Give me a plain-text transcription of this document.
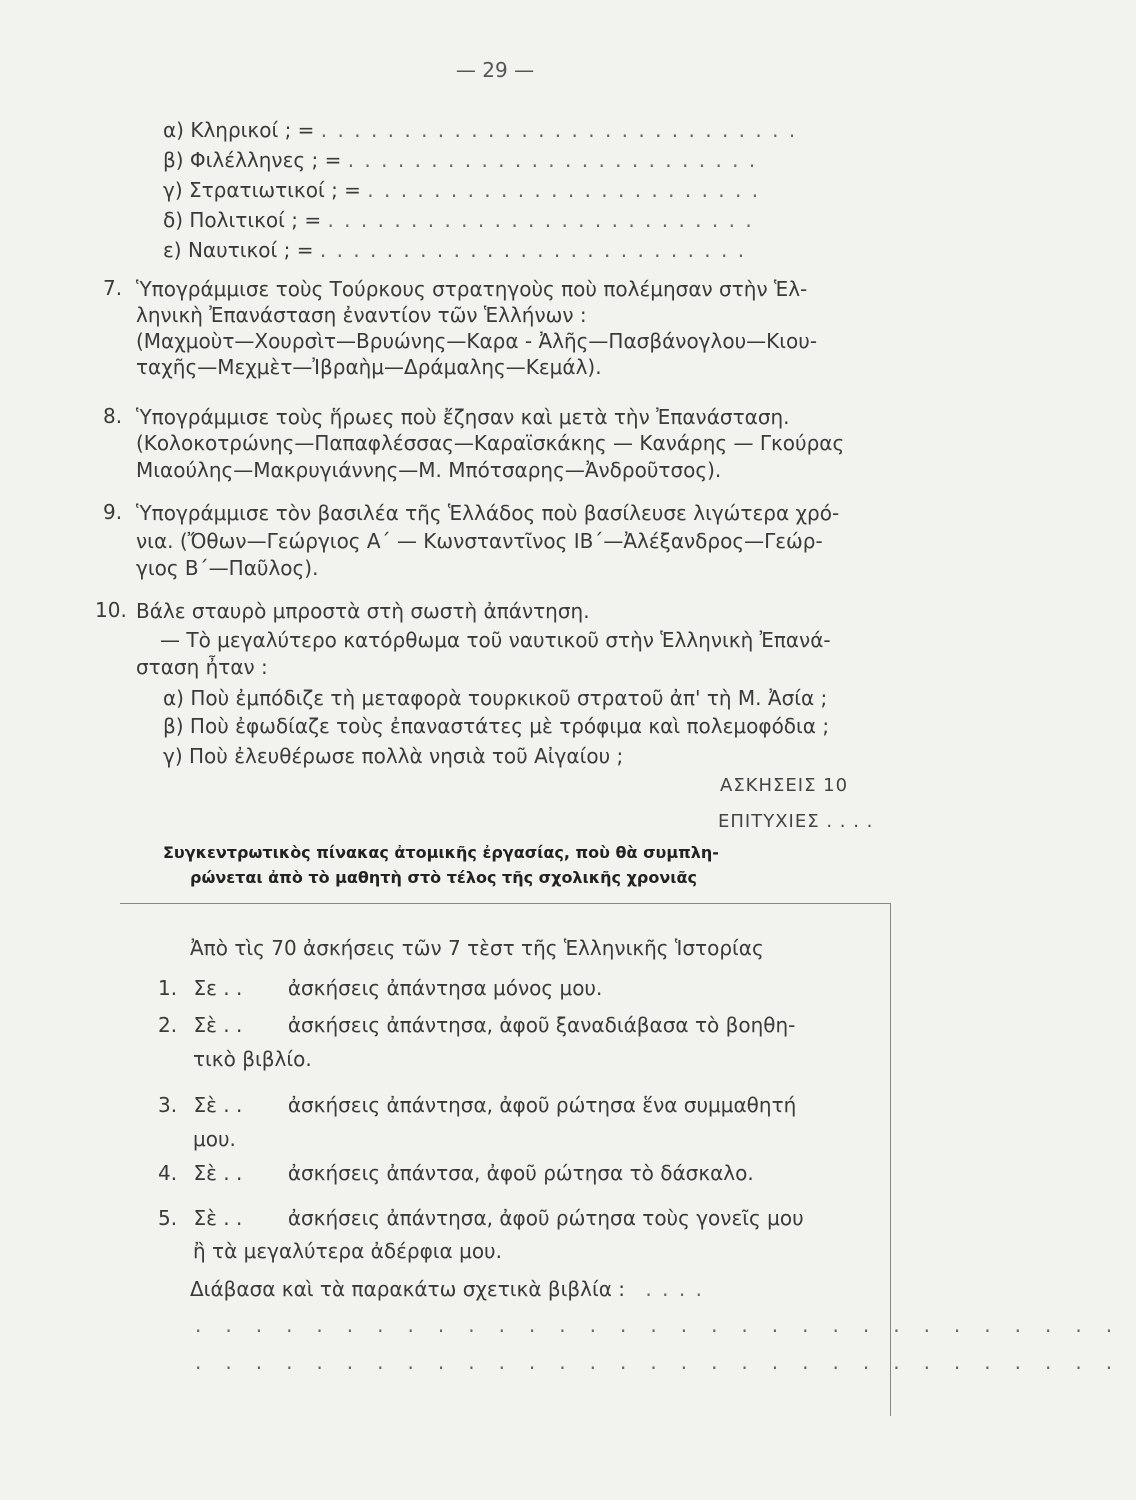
— 29 —
α) Κληρικοί ; = . . . . . . . . . . . . . . . . . . . . . . . . . . . . .
β) Φιλέλληνες ; = . . . . . . . . . . . . . . . . . . . . . . . . .
γ) Στρατιωτικοί ; = . . . . . . . . . . . . . . . . . . . . . . . .
δ) Πολιτικοί ; = . . . . . . . . . . . . . . . . . . . . . . . . . .
ε) Ναυτικοί ; = . . . . . . . . . . . . . . . . . . . . . . . . . .
7. Ὑπογράμμισε τοὺς Τούρκους στρατηγοὺς ποὺ πολέμησαν στὴν Ἑλ-
ληνικὴ Ἐπανάσταση ἐναντίον τῶν Ἑλλήνων :
(Μαχμοὺτ—Χουρσὶτ—Βρυώνης—Καρα - Ἀλῆς—Πασβάνογλου—Κιου-
ταχῆς—Μεχμὲτ—Ἰβραὴμ—Δράμαλης—Κεμάλ).
8. Ὑπογράμμισε τοὺς ἥρωες ποὺ ἔζησαν καὶ μετὰ τὴν Ἐπανάσταση.
(Κολοκοτρώνης—Παπαφλέσσας—Καραϊσκάκης — Κανάρης — Γκούρας
Μιαούλης—Μακρυγιάννης—Μ. Μπότσαρης—Ἀνδροῦτσος).
9. Ὑπογράμμισε τὸν βασιλέα τῆς Ἑλλάδος ποὺ βασίλευσε λιγώτερα χρό-
νια. (Ὄθων—Γεώργιος Α΄ — Κωνσταντῖνος ΙΒ΄—Ἀλέξανδρος—Γεώρ-
γιος Β΄—Παῦλος).
10. Βάλε σταυρὸ μπροστὰ στὴ σωστὴ ἀπάντηση.
— Τὸ μεγαλύτερο κατόρθωμα τοῦ ναυτικοῦ στὴν Ἑλληνικὴ Ἐπανά-
σταση ἦταν :
α) Ποὺ ἐμπόδιζε τὴ μεταφορὰ τουρκικοῦ στρατοῦ ἀπ' τὴ Μ. Ἀσία ;
β) Ποὺ ἐφωδίαζε τοὺς ἐπαναστάτες μὲ τρόφιμα καὶ πολεμοφόδια ;
γ) Ποὺ ἐλευθέρωσε πολλὰ νησιὰ τοῦ Αἰγαίου ;
ΑΣΚΗΣΕΙΣ 10
ΕΠΙΤΥΧΙΕΣ . . . .
Συγκεντρωτικὸς πίνακας ἀτομικῆς ἐργασίας, ποὺ θὰ συμπλη-
ρώνεται ἀπὸ τὸ μαθητὴ στὸ τέλος τῆς σχολικῆς χρονιᾶς
Ἀπὸ τὶς 70 ἀσκήσεις τῶν 7 τὲστ τῆς Ἑλληνικῆς Ἱστορίας
1. Σε . . ἀσκήσεις ἀπάντησα μόνος μου.
2. Σὲ . . ἀσκήσεις ἀπάντησα, ἀφοῦ ξαναδιάβασα τὸ βοηθη-
τικὸ βιβλίο.
3. Σὲ . . ἀσκήσεις ἀπάντησα, ἀφοῦ ρώτησα ἕνα συμμαθητή
μου.
4. Σὲ . . ἀσκήσεις ἀπάντσα, ἀφοῦ ρώτησα τὸ δάσκαλο.
5. Σὲ . . ἀσκήσεις ἀπάντησα, ἀφοῦ ρώτησα τοὺς γονεῖς μου
ἢ τὰ μεγαλύτερα ἀδέρφια μου.
Διάβασα καὶ τὰ παρακάτω σχετικὰ βιβλία : . . . .
...............................
...............................
